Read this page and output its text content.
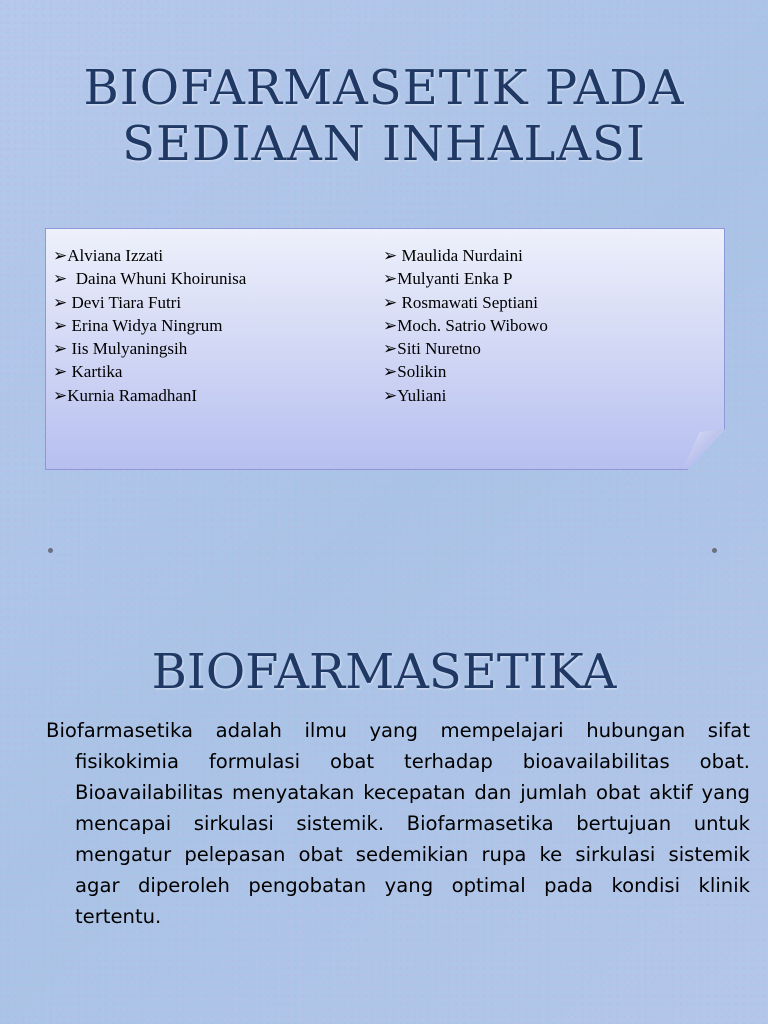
BIOFARMASETIK PADA
SEDIAAN INHALASI
➢Alviana Izzati
➢  Daina Whuni Khoirunisa
➢ Devi Tiara Futri
➢ Erina Widya Ningrum
➢ Iis Mulyaningsih
➢ Kartika
➢Kurnia RamadhanI
➢ Maulida Nurdaini
➢Mulyanti Enka P
➢ Rosmawati Septiani
➢Moch. Satrio Wibowo
➢Siti Nuretno
➢Solikin
➢Yuliani
BIOFARMASETIKA

Biofarmasetika adalah ilmu yang mempelajari hubungan sifat fisikokimia formulasi obat terhadap bioavailabilitas obat. Bioavailabilitas menyatakan kecepatan dan jumlah obat aktif yang mencapai sirkulasi sistemik. Biofarmasetika bertujuan untuk mengatur pelepasan obat sedemikian rupa ke sirkulasi sistemik agar diperoleh pengobatan yang optimal pada kondisi klinik tertentu.
